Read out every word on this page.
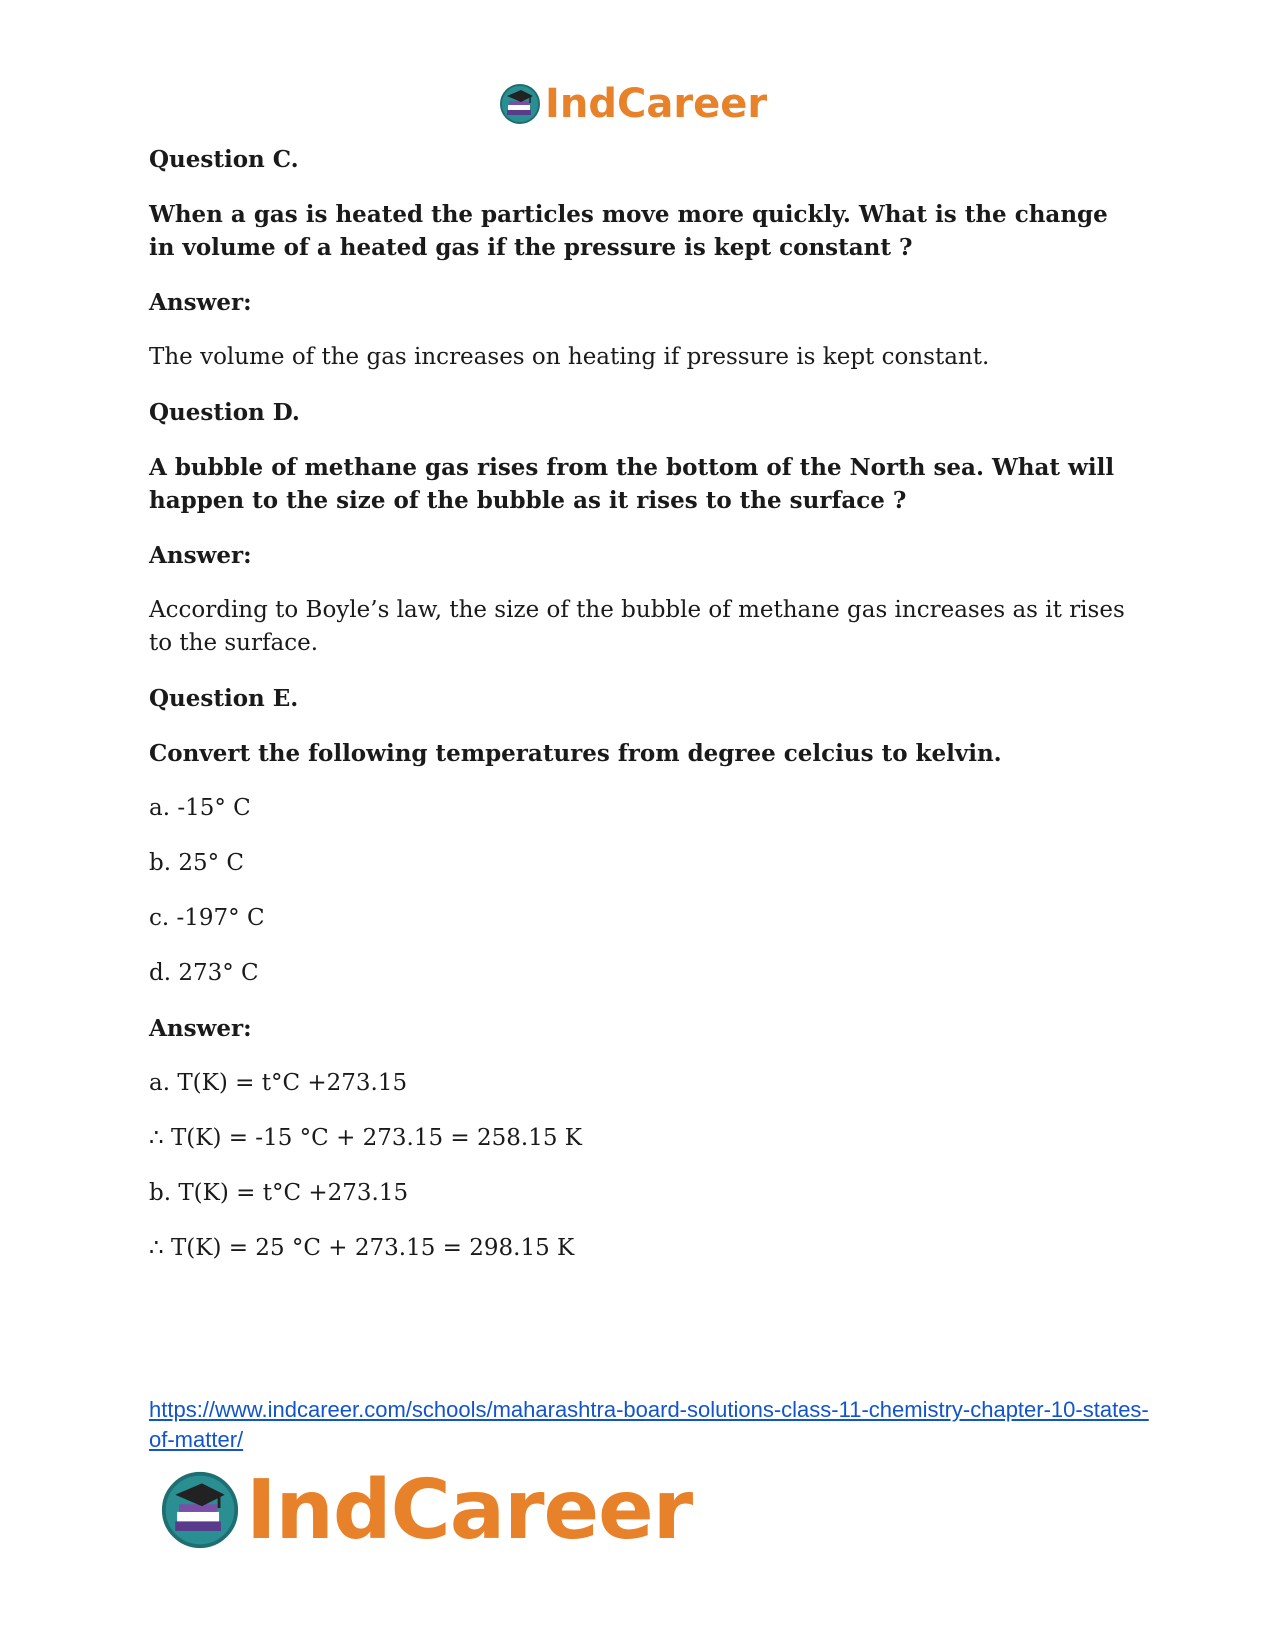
IndCareer

Question C.

When a gas is heated the particles move more quickly. What is the change in volume of a heated gas if the pressure is kept constant ?

Answer:

The volume of the gas increases on heating if pressure is kept constant.

Question D.

A bubble of methane gas rises from the bottom of the North sea. What will happen to the size of the bubble as it rises to the surface ?

Answer:

According to Boyle’s law, the size of the bubble of methane gas increases as it rises to the surface.

Question E.

Convert the following temperatures from degree celcius to kelvin.

a. -15° C

b. 25° C

c. -197° C

d. 273° C

Answer:

a. T(K) = t°C +273.15

∴ T(K) = -15 °C + 273.15 = 258.15 K

b. T(K) = t°C +273.15

∴ T(K) = 25 °C + 273.15 = 298.15 K

https://www.indcareer.com/schools/maharashtra-board-solutions-class-11-chemistry-chapter-10-states-of-matter/

IndCareer
